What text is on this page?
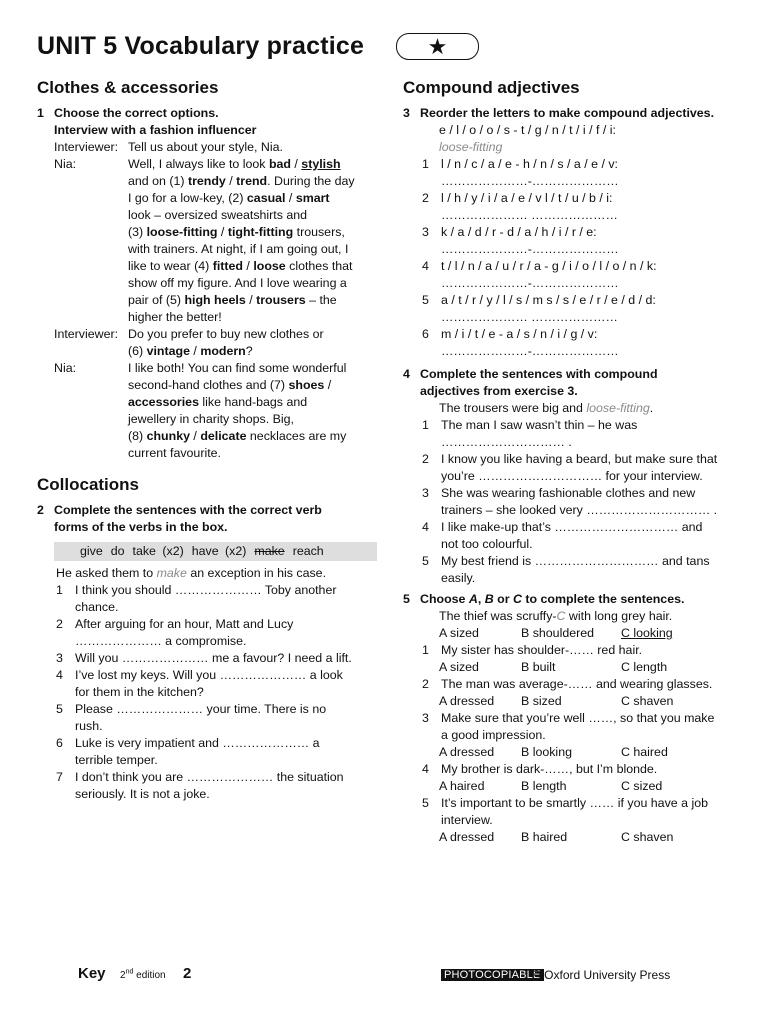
UNIT 5 Vocabulary practice	★
Clothes & accessories
1 Choose the correct options.
Interview with a fashion influencer
Interviewer: Tell us about your style, Nia.
Nia:	Well, I always like to look bad / stylish
and on (1) trendy / trend. During the day
I go for a low-key, (2) casual / smart
look – oversized sweatshirts and
(3) loose-fitting / tight-fitting trousers,
with trainers. At night, if I am going out, I
like to wear (4) fitted / loose clothes that
show off my figure. And I love wearing a
pair of (5) high heels / trousers – the
higher the better!
Interviewer: Do you prefer to buy new clothes or
(6) vintage / modern?
Nia:	I like both! You can find some wonderful
second-hand clothes and (7) shoes /
accessories like hand-bags and
jewellery in charity shops. Big,
(8) chunky / delicate necklaces are my
current favourite.
Collocations
2 Complete the sentences with the correct verb
forms of the verbs in the box.
give do take (x2) have (x2) make reach
He asked them to make an exception in his case.
1 I think you should ………………… Toby another
chance.
2 After arguing for an hour, Matt and Lucy
………………… a compromise.
3 Will you ………………… me a favour? I need a lift.
4 I’ve lost my keys. Will you ………………… a look
for them in the kitchen?
5 Please ………………… your time. There is no
rush.
6 Luke is very impatient and ………………… a
terrible temper.
7 I don’t think you are ………………… the situation
seriously. It is not a joke.
Compound adjectives
3 Reorder the letters to make compound adjectives.
e / l / o / o / s - t / g / n / t / i / f / i:
loose-fitting
1 l / n / c / a / e - h / n / s / a / e / v:
…………………-…………………
2 l / h / y / i / a / e / v l / t / u / b / i:
………………… …………………
3 k / a / d / r - d / a / h / i / r / e:
…………………-…………………
4 t / l / n / a / u / r / a - g / i / o / l / o / n / k:
…………………-…………………
5 a / t / r / y / l / s / m s / s / e / r / e / d / d:
………………… …………………
6 m / i / t / e - a / s / n / i / g / v:
…………………-…………………
4 Complete the sentences with compound
adjectives from exercise 3.
The trousers were big and loose-fitting.
1 The man I saw wasn’t thin – he was
………………………… .
2 I know you like having a beard, but make sure that
you’re ………………………… for your interview.
3 She was wearing fashionable clothes and new
trainers – she looked very ………………………… .
4 I like make-up that’s ………………………… and
not too colourful.
5 My best friend is ………………………… and tans
easily.
5 Choose A, B or C to complete the sentences.
The thief was scruffy-C with long grey hair.
A sized	B shouldered	C looking
1 My sister has shoulder-…… red hair.
A sized	B built	C length
2 The man was average-…… and wearing glasses.
A dressed	B sized	C shaven
3 Make sure that you’re well ……, so that you make
a good impression.
A dressed	B looking	C haired
4 My brother is dark-……, but I’m blonde.
A haired	B length	C sized
5 It’s important to be smartly …… if you have a job
interview.
A dressed	B haired	C shaven
Key 2nd edition 2	PHOTOCOPIABLE
© Oxford University Press
